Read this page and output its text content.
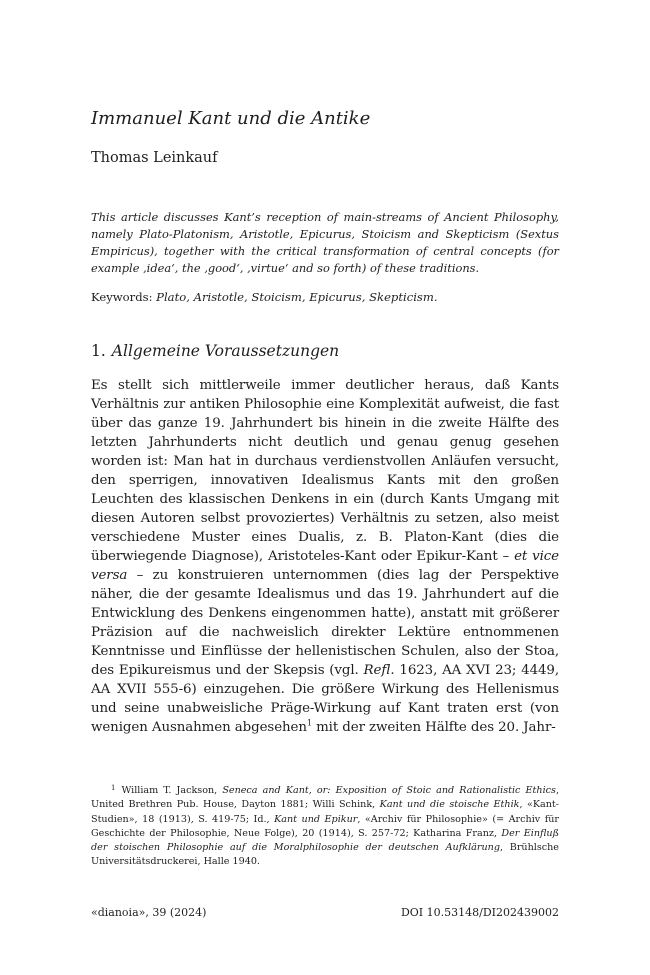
Immanuel Kant und die Antike
Thomas Leinkauf

This article discusses Kant’s reception of main-streams of Ancient Philosophy, namely Plato-Platonism, Aristotle, Epicurus, Stoicism and Skepticism (Sextus Empiricus), together with the critical transformation of central concepts (for example ‚idea‘, the ‚good‘, ‚virtue‘ and so forth) of these traditions.

Keywords: Plato, Aristotle, Stoicism, Epicurus, Skepticism.

1. Allgemeine Voraussetzungen

Es stellt sich mittlerweile immer deutlicher heraus, daß Kants Verhältnis zur antiken Philosophie eine Komplexität aufweist, die fast über das ganze 19. Jahrhundert bis hinein in die zweite Hälfte des letzten Jahrhunderts nicht deutlich und genau genug gesehen worden ist: Man hat in durchaus verdienstvollen Anläufen versucht, den sperrigen, innovativen Idealismus Kants mit den großen Leuchten des klassischen Denkens in ein (durch Kants Umgang mit diesen Autoren selbst provoziertes) Verhältnis zu setzen, also meist verschiedene Muster eines Dualis, z. B. Platon-Kant (dies die überwiegende Diagnose), Aristoteles-Kant oder Epikur-Kant – et vice versa – zu konstruieren unternommen (dies lag der Perspektive näher, die der gesamte Idealismus und das 19. Jahrhundert auf die Entwicklung des Denkens eingenommen hatte), anstatt mit größerer Präzision auf die nachweislich direkter Lektüre entnommenen Kenntnisse und Einflüsse der hellenistischen Schulen, also der Stoa, des Epikureismus und der Skepsis (vgl. Refl. 1623, AA XVI 23; 4449, AA XVII 555-6) einzugehen. Die größere Wirkung des Hellenismus und seine unabweisliche Präge-Wirkung auf Kant traten erst (von wenigen Ausnahmen abgesehen$^1$ mit der zweiten Hälfte des 20. Jahr-

$^1$ William T. Jackson, Seneca and Kant, or: Exposition of Stoic and Rationalistic Ethics, United Brethren Pub. House, Dayton 1881; Willi Schink, Kant und die stoische Ethik, «Kant-Studien», 18 (1913), S. 419-75; Id., Kant und Epikur, «Archiv für Philosophie» (= Archiv für Geschichte der Philosophie, Neue Folge), 20 (1914), S. 257-72; Katharina Franz, Der Einfluß der stoischen Philosophie auf die Moralphilosophie der deutschen Aufklärung, Brühlsche Universitätsdruckerei, Halle 1940.

«dianoia», 39 (2024)	DOI 10.53148/DI202439002
